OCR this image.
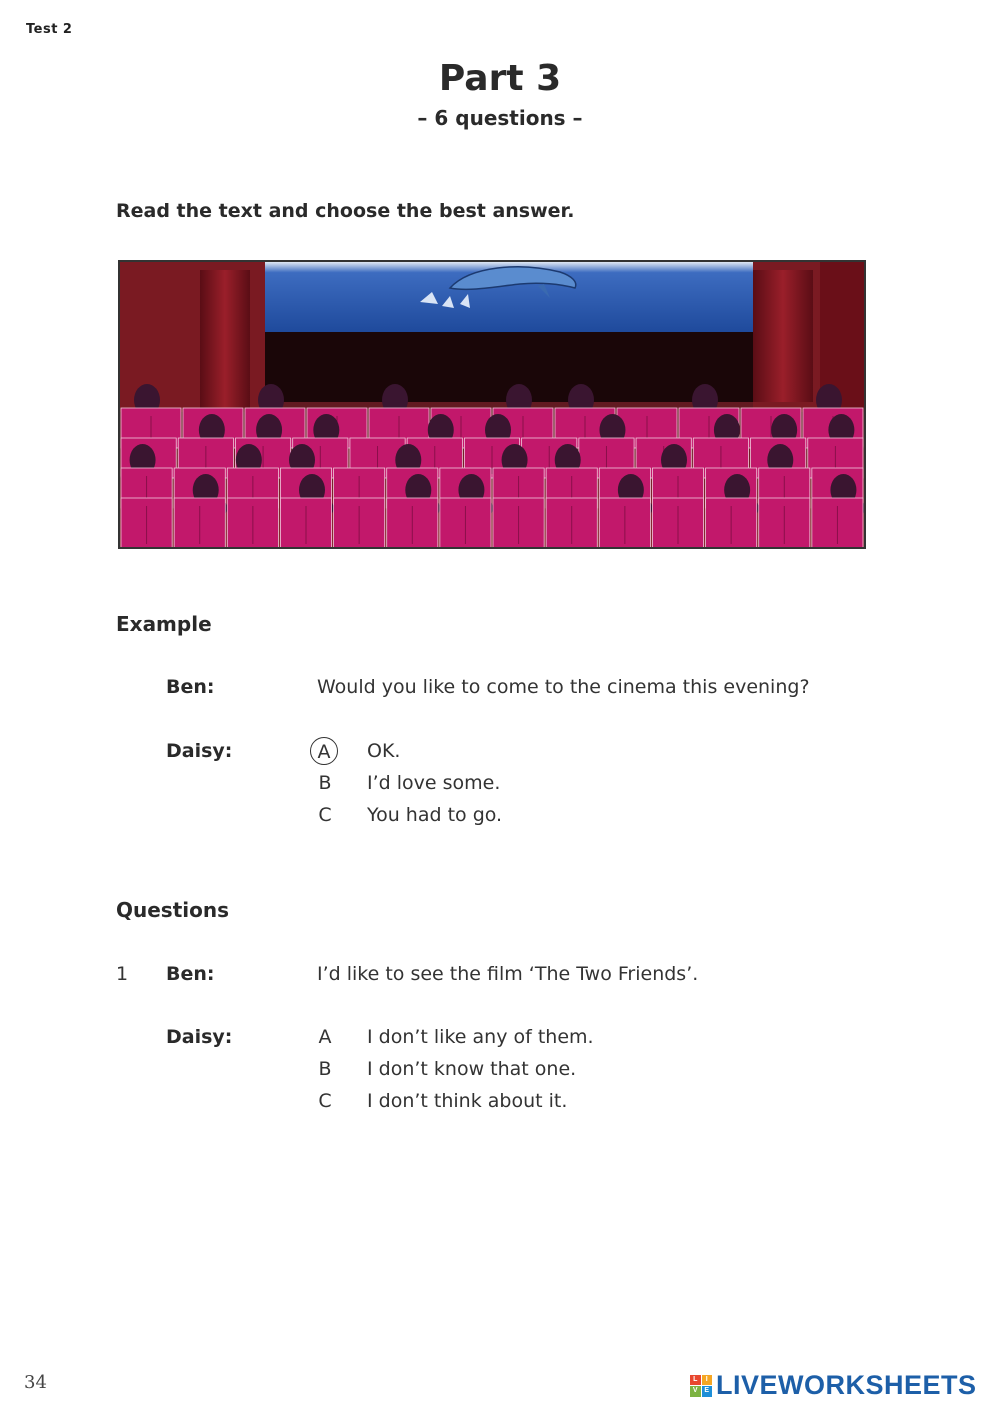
Test 2
Part 3
– 6 questions –
Read the text and choose the best answer.
Example
Ben:	Would you like to come to the cinema this evening?
Daisy:	A	OK.
B	I’d love some.
C	You had to go.
Questions
1 Ben:	I’d like to see the film ‘The Two Friends’.
Daisy:	A	I don’t like any of them.
B	I don’t know that one.
C	I don’t think about it.
34	L	I
V E LIVEWORKSHEETS
